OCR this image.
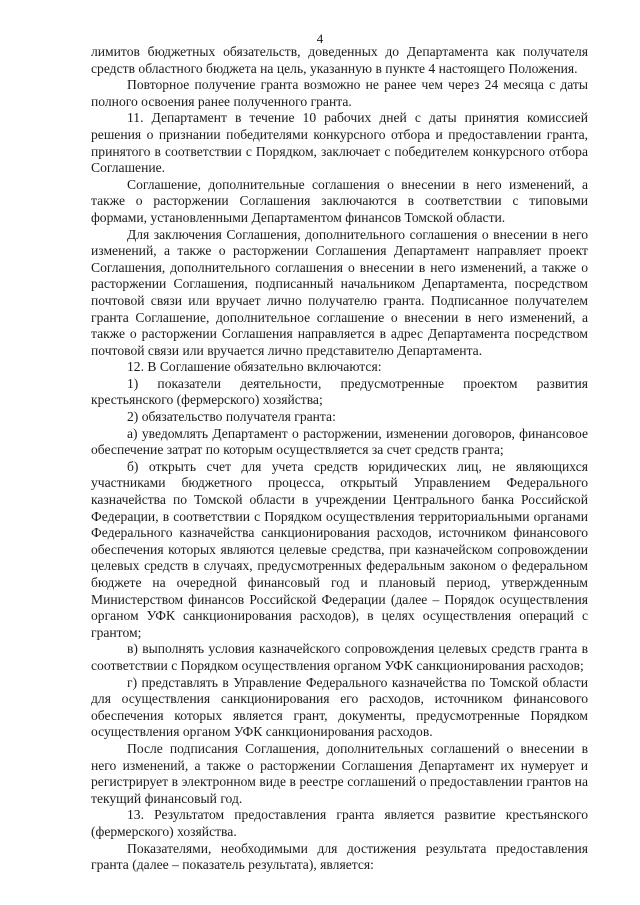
4

лимитов бюджетных обязательств, доведенных до Департамента как получателя средств областного бюджета на цель, указанную в пункте 4 настоящего Положения.

Повторное получение гранта возможно не ранее чем через 24 месяца с даты полного освоения ранее полученного гранта.

11. Департамент в течение 10 рабочих дней с даты принятия комиссией решения о признании победителями конкурсного отбора и предоставлении гранта, принятого в соответствии с Порядком, заключает с победителем конкурсного отбора Соглашение.

Соглашение, дополнительные соглашения о внесении в него изменений, а также о расторжении Соглашения заключаются в соответствии с типовыми формами, установленными Департаментом финансов Томской области.

Для заключения Соглашения, дополнительного соглашения о внесении в него изменений, а также о расторжении Соглашения Департамент направляет проект Соглашения, дополнительного соглашения о внесении в него изменений, а также о расторжении Соглашения, подписанный начальником Департамента, посредством почтовой связи или вручает лично получателю гранта. Подписанное получателем гранта Соглашение, дополнительное соглашение о внесении в него изменений, а также о расторжении Соглашения направляется в адрес Департамента посредством почтовой связи или вручается лично представителю Департамента.

12. В Соглашение обязательно включаются:

1) показатели деятельности, предусмотренные проектом развития крестьянского (фермерского) хозяйства;

2) обязательство получателя гранта:

а) уведомлять Департамент о расторжении, изменении договоров, финансовое обеспечение затрат по которым осуществляется за счет средств гранта;

б) открыть счет для учета средств юридических лиц, не являющихся участниками бюджетного процесса, открытый Управлением Федерального казначейства по Томской области в учреждении Центрального банка Российской Федерации, в соответствии с Порядком осуществления территориальными органами Федерального казначейства санкционирования расходов, источником финансового обеспечения которых являются целевые средства, при казначейском сопровождении целевых средств в случаях, предусмотренных федеральным законом о федеральном бюджете на очередной финансовый год и плановый период, утвержденным Министерством финансов Российской Федерации (далее – Порядок осуществления органом УФК санкционирования расходов), в целях осуществления операций с грантом;

в) выполнять условия казначейского сопровождения целевых средств гранта в соответствии с Порядком осуществления органом УФК санкционирования расходов;

г) представлять в Управление Федерального казначейства по Томской области для осуществления санкционирования его расходов, источником финансового обеспечения которых является грант, документы, предусмотренные Порядком осуществления органом УФК санкционирования расходов.

После подписания Соглашения, дополнительных соглашений о внесении в него изменений, а также о расторжении Соглашения Департамент их нумерует и регистрирует в электронном виде в реестре соглашений о предоставлении грантов на текущий финансовый год.

13. Результатом предоставления гранта является развитие крестьянского (фермерского) хозяйства.

Показателями, необходимыми для достижения результата предоставления гранта (далее – показатель результата), является:
